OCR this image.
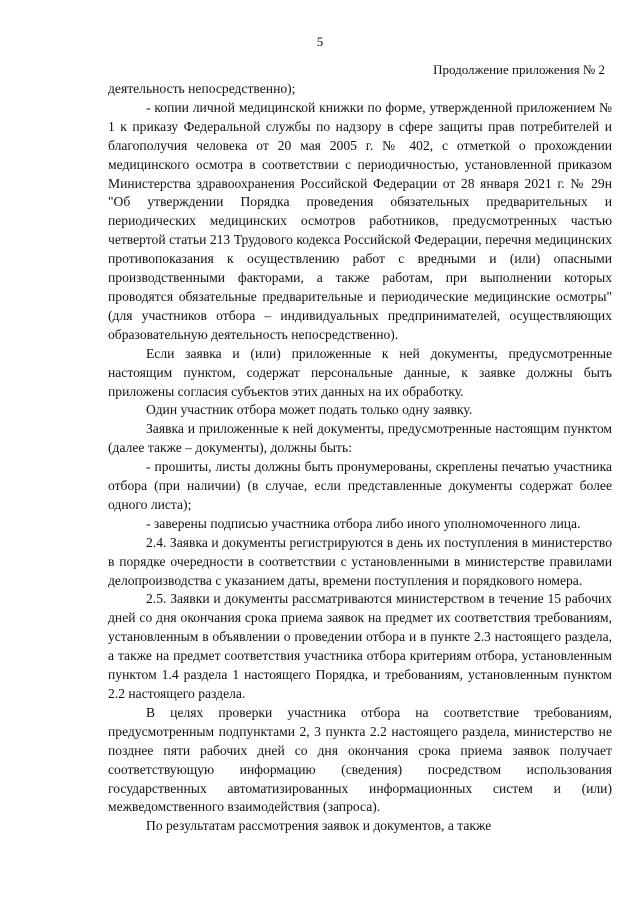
5
Продолжение приложения № 2

деятельность непосредственно);

- копии личной медицинской книжки по форме, утвержденной приложением № 1 к приказу Федеральной службы по надзору в сфере защиты прав потребителей и благополучия человека от 20 мая 2005 г. № 402, с отметкой о прохождении медицинского осмотра в соответствии с периодичностью, установленной приказом Министерства здравоохранения Российской Федерации от 28 января 2021 г. № 29н "Об утверждении Порядка проведения обязательных предварительных и периодических медицинских осмотров работников, предусмотренных частью четвертой статьи 213 Трудового кодекса Российской Федерации, перечня медицинских противопоказания к осуществлению работ с вредными и (или) опасными производственными факторами, а также работам, при выполнении которых проводятся обязательные предварительные и периодические медицинские осмотры" (для участников отбора – индивидуальных предпринимателей, осуществляющих образовательную деятельность непосредственно).

Если заявка и (или) приложенные к ней документы, предусмотренные настоящим пунктом, содержат персональные данные, к заявке должны быть приложены согласия субъектов этих данных на их обработку.

Один участник отбора может подать только одну заявку.

Заявка и приложенные к ней документы, предусмотренные настоящим пунктом (далее также – документы), должны быть:

- прошиты, листы должны быть пронумерованы, скреплены печатью участника отбора (при наличии) (в случае, если представленные документы содержат более одного листа);

- заверены подписью участника отбора либо иного уполномоченного лица.

2.4. Заявка и документы регистрируются в день их поступления в министерство в порядке очередности в соответствии с установленными в министерстве правилами делопроизводства с указанием даты, времени поступления и порядкового номера.

2.5. Заявки и документы рассматриваются министерством в течение 15 рабочих дней со дня окончания срока приема заявок на предмет их соответствия требованиям, установленным в объявлении о проведении отбора и в пункте 2.3 настоящего раздела, а также на предмет соответствия участника отбора критериям отбора, установленным пунктом 1.4 раздела 1 настоящего Порядка, и требованиям, установленным пунктом 2.2 настоящего раздела.

В целях проверки участника отбора на соответствие требованиям, предусмотренным подпунктами 2, 3 пункта 2.2 настоящего раздела, министерство не позднее пяти рабочих дней со дня окончания срока приема заявок получает соответствующую информацию (сведения) посредством использования государственных автоматизированных информационных систем и (или) межведомственного взаимодействия (запроса).

По результатам рассмотрения заявок и документов, а также
